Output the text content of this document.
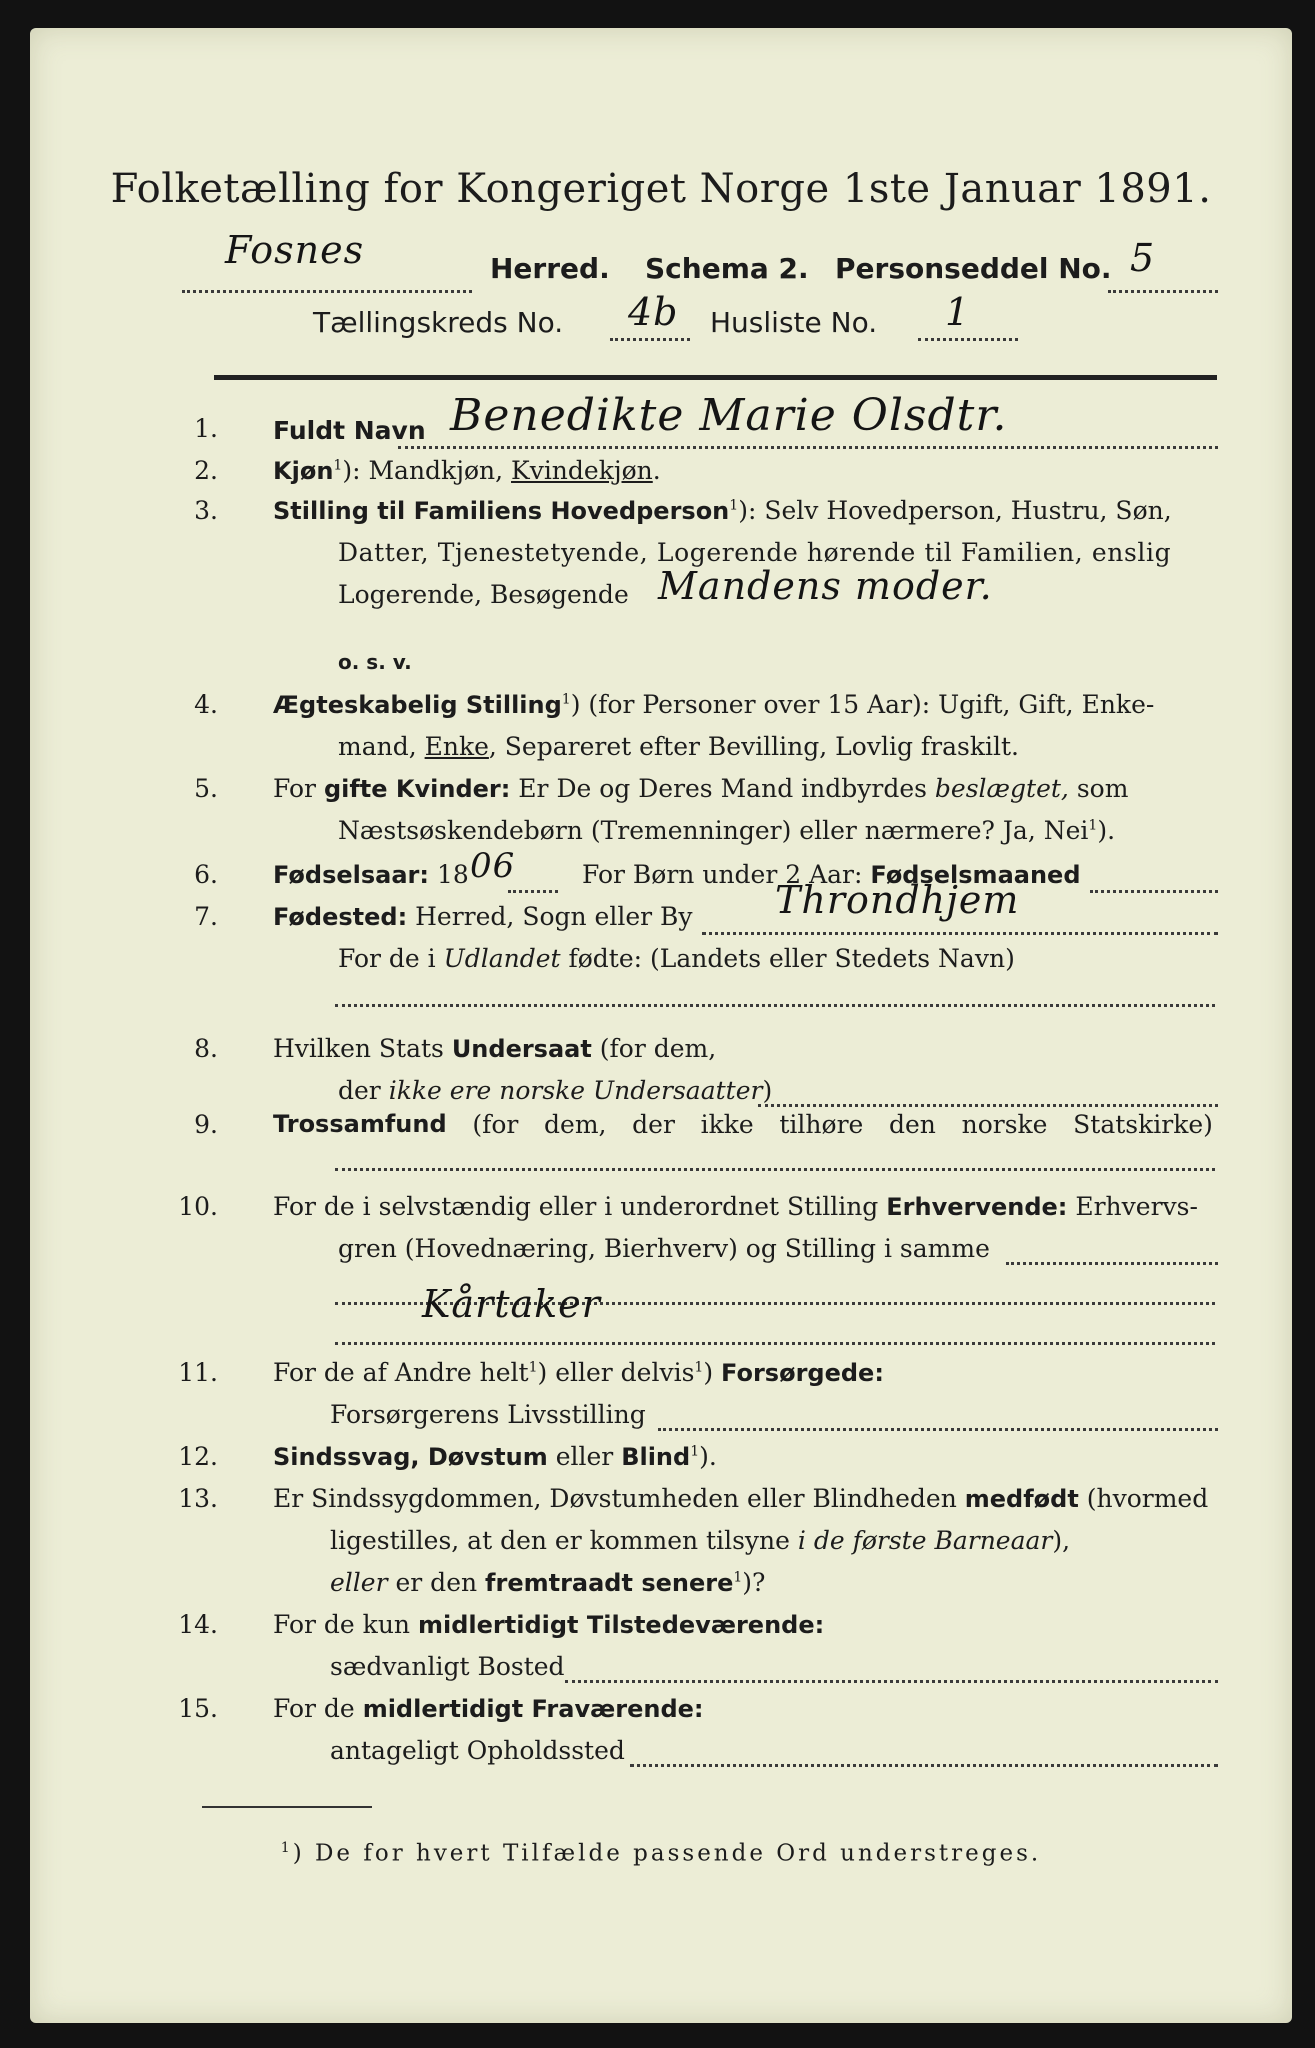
Folketælling for Kongeriget Norge 1ste Januar 1891.
Fosnes	Herred. Schema 2. Personseddel No. 5
Tællingskreds No. 4b Husliste No. 1
1. Fuldt Navn Benedikte Marie Olsdtr.
2. Kjøn$^1$): Mandkjøn, Kvindekjøn.
3. Stilling til Familiens Hovedperson$^1$): Selv Hovedperson, Hustru, Søn,
Datter, Tjenestetyende, Logerende hørende til Familien, enslig
Logerende, Besøgende Mandens moder.
o. s. v.
4. Ægteskabelig Stilling$^1$) (for Personer over 15 Aar): Ugift, Gift, Enke-
mand, Enke, Separeret efter Bevilling, Lovlig fraskilt.
5. For gifte Kvinder: Er De og Deres Mand indbyrdes beslægtet, som
Næstsøskendebørn (Tremenninger) eller nærmere? Ja, Nei$^1$).
6. Fødselsaar: 18 06	For Børn under 2 Aar: Fødselsmaaned
7. Fødested: Herred, Sogn eller By Throndhjem
For de i Udlandet fødte: (Landets eller Stedets Navn)
8. Hvilken Stats Undersaat (for dem,
der ikke ere norske Undersaatter)
9. Trossamfund (for dem, der ikke tilhøre den norske Statskirke)
10. For de i selvstændig eller i underordnet Stilling Erhvervende: Erhvervs-
gren (Hovednæring, Bierhverv) og Stilling i samme
Kårtaker
11. For de af Andre helt$^1$) eller delvis$^1$) Forsørgede:
Forsørgerens Livsstilling
12. Sindssvag, Døvstum eller Blind$^1$).
13. Er Sindssygdommen, Døvstumheden eller Blindheden medfødt (hvormed
ligestilles, at den er kommen tilsyne i de første Barneaar),
eller er den fremtraadt senere$^1$)?
14. For de kun midlertidigt Tilstedeværende:
sædvanligt Bosted
15. For de midlertidigt Fraværende:
antageligt Opholdssted
$^1$) De for hvert Tilfælde passende Ord understreges.
